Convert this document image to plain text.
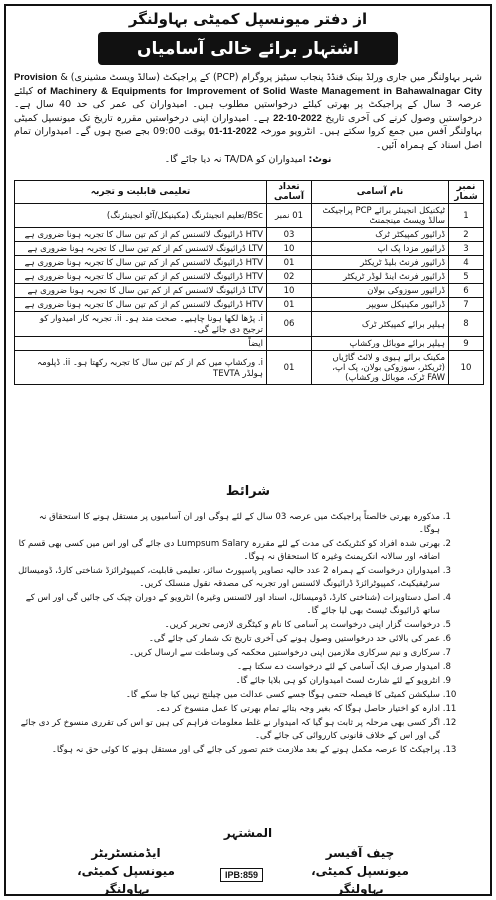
از دفتر میونسپل کمیٹی بہاولنگر
اشتہار برائے خالی آسامیاں
شہر بہاولنگر میں جاری ورلڈ بینک فنڈڈ پنجاب سیٹیز پروگرام (PCP) کے پراجیکٹ (سالڈ ویسٹ مشینری) & Provision of Machinery & Equipments for Improvement of Solid Waste Management in Bahawalnagar City کیلئے عرصہ 3 سال کے پراجیکٹ پر بھرتی کیلئے درخواستیں مطلوب ہیں۔ امیدواران کی عمر کی حد 40 سال ہے۔ درخواستیں وصول کرنے کی آخری تاریخ 22-10-2022 ہے۔ امیدواران اپنی درخواستیں مقررہ تاریخ تک میونسپل کمیٹی بہاولنگر آفس میں جمع کروا سکتے ہیں۔ انٹرویو مورخہ 01-11-2022 بوقت 09:00 بجے صبح ہوں گے۔ امیدواران تمام اصل اسناد کے ہمراہ آئیں۔
نوٹ: امیدواران کو TA/DA نہ دیا جائے گا۔
نمبر شمار	نام آسامی	تعداد آسامی	تعلیمی قابلیت و تجربہ
1	ٹیکنیکل انجینئر برائے PCP پراجیکٹ سالڈ ویسٹ مینجمنٹ	01 نمبر	BSc/تعلیم انجینئرنگ (مکینیکل/آٹو انجینئرنگ)
2	ڈرائیور کمپیکٹر ٹرک	03	HTV ڈرائیونگ لائسنس کم از کم تین سال کا تجربہ ہونا ضروری ہے
3	ڈرائیور مزدا پک اپ	10	LTV ڈرائیونگ لائسنس کم از کم تین سال کا تجربہ ہونا ضروری ہے
4	ڈرائیور فرنٹ بلیڈ ٹریکٹر	01	HTV ڈرائیونگ لائسنس کم از کم تین سال کا تجربہ ہونا ضروری ہے
5	ڈرائیور فرنٹ اینڈ لوڈر ٹریکٹر	02	HTV ڈرائیونگ لائسنس کم از کم تین سال کا تجربہ ہونا ضروری ہے
6	ڈرائیور سوزوکی بولان	10	LTV ڈرائیونگ لائسنس کم از کم تین سال کا تجربہ ہونا ضروری ہے
7	ڈرائیور مکینیکل سویپر	01	HTV ڈرائیونگ لائسنس کم از کم تین سال کا تجربہ ہونا ضروری ہے
8	ہیلپر برائے کمپیکٹر ٹرک	06	i. پڑھا لکھا ہونا چاہیے۔ صحت مند ہو۔ ii. تجربہ کار امیدوار کو ترجیح دی جائے گی۔
9	ہیلپر برائے موبائل ورکشاپ		ایضاً
10	مکینک برائے ہیوی و لائٹ گاڑیاں (ٹریکٹر، سوزوکی بولان، پک اپ، FAW ٹرک، موبائل ورکشاپ)	01	i. ورکشاپ میں کم از کم تین سال کا تجربہ رکھتا ہو۔ ii. ڈپلومہ ہولڈر TEVTA
شرائط
1. مذکورہ بھرتی خالصتاً پراجیکٹ میں عرصہ 03 سال کے لئے ہوگی اور ان آسامیوں پر مستقل ہونے کا استحقاق نہ ہوگا۔
2. بھرتی شدہ افراد کو کنٹریکٹ کی مدت کے لئے مقررہ Lumpsum Salary دی جائے گی اور اس میں کسی بھی قسم کا اضافہ اور سالانہ انکریمنٹ وغیرہ کا استحقاق نہ ہوگا۔
3. امیدواران درخواست کے ہمراہ 2 عدد حالیہ تصاویر پاسپورٹ سائز، تعلیمی قابلیت، کمپیوٹرائزڈ شناختی کارڈ، ڈومیسائل سرٹیفیکیٹ، کمپیوٹرائزڈ ڈرائیونگ لائسنس اور تجربہ کی مصدقہ نقول منسلک کریں۔
4. اصل دستاویزات (شناختی کارڈ، ڈومیسائل، اسناد اور لائسنس وغیرہ) انٹرویو کے دوران چیک کی جائیں گی اور اس کے ساتھ ڈرائیونگ ٹیسٹ بھی لیا جائے گا۔
5. درخواست گزار اپنی درخواست پر آسامی کا نام و کیٹگری لازمی تحریر کریں۔
6. عمر کی بالائی حد درخواستیں وصول ہونے کی آخری تاریخ تک شمار کی جائے گی۔
7. سرکاری و نیم سرکاری ملازمین اپنی درخواستیں محکمہ کی وساطت سے ارسال کریں۔
8. امیدوار صرف ایک آسامی کے لئے درخواست دے سکتا ہے۔
9. انٹرویو کے لئے شارٹ لسٹ امیدواران کو ہی بلایا جائے گا۔
10. سلیکشن کمیٹی کا فیصلہ حتمی ہوگا جسے کسی عدالت میں چیلنج نہیں کیا جا سکے گا۔
11. ادارہ کو اختیار حاصل ہوگا کہ بغیر وجہ بتائے تمام بھرتی کا عمل منسوخ کر دے۔
12. اگر کسی بھی مرحلہ پر ثابت ہو گیا کہ امیدوار نے غلط معلومات فراہم کی ہیں تو اس کی تقرری منسوخ کر دی جائے گی اور اس کے خلاف قانونی کارروائی کی جائے گی۔
13. پراجیکٹ کا عرصہ مکمل ہونے کے بعد ملازمت ختم تصور کی جائے گی اور مستقل ہونے کا کوئی حق نہ ہوگا۔
المشتہر
چیف آفیسر
میونسپل کمیٹی، بہاولنگر
ایڈمنسٹریٹر
میونسپل کمیٹی، بہاولنگر
IPB:859
